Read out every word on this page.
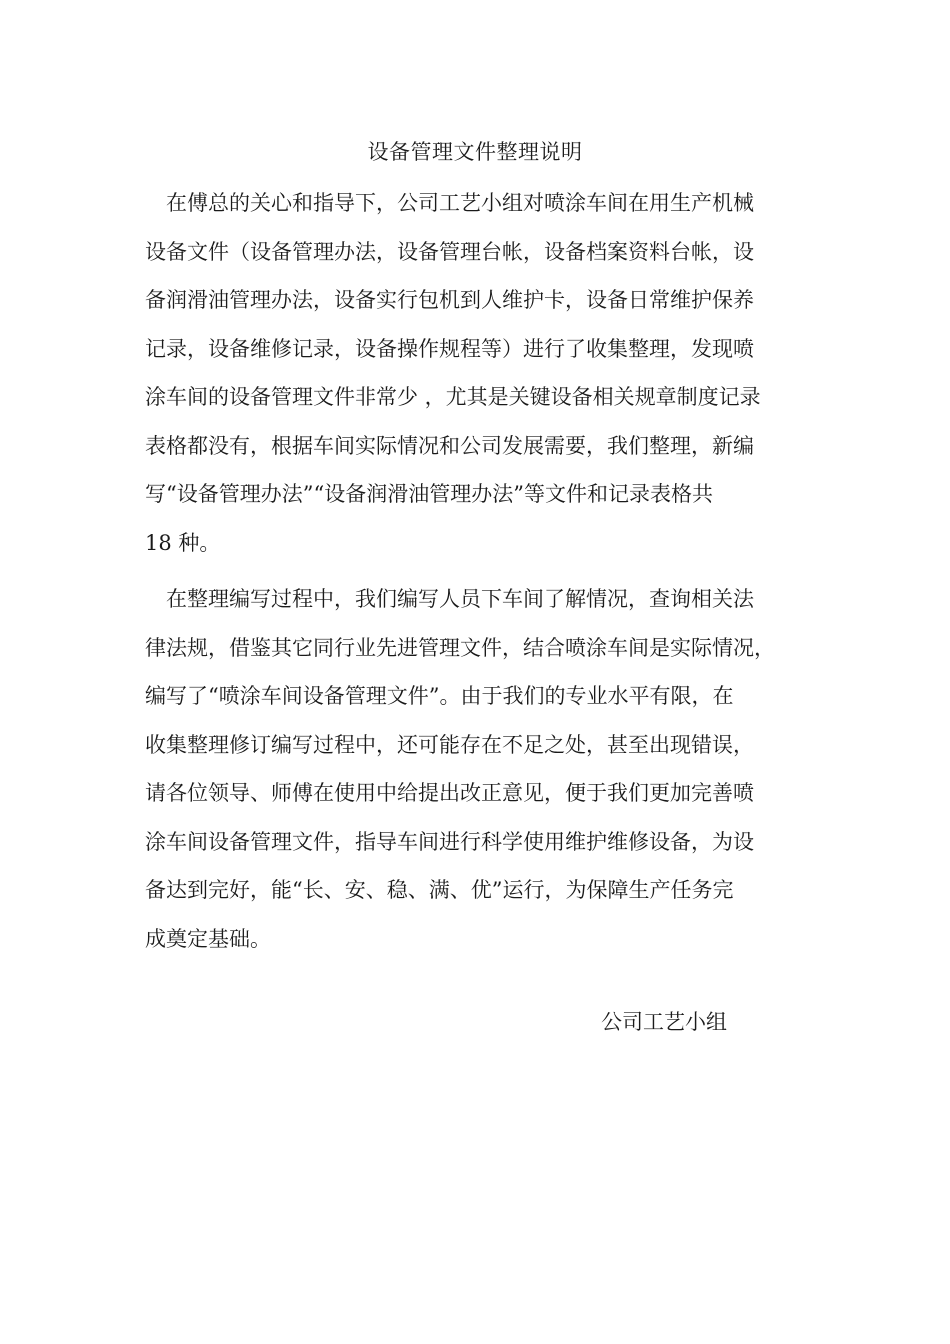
设备管理文件整理说明
在傅总的关心和指导下，公司工艺小组对喷涂车间在用生产机械
设备文件（设备管理办法，设备管理台帐，设备档案资料台帐，设
备润滑油管理办法，设备实行包机到人维护卡，设备日常维护保养
记录，设备维修记录，设备操作规程等）进行了收集整理，发现喷
涂车间的设备管理文件非常少 ，尤其是关键设备相关规章制度记录
表格都没有，根据车间实际情况和公司发展需要，我们整理，新编
写“设备管理办法”“设备润滑油管理办法”等文件和记录表格共
18 种。
在整理编写过程中，我们编写人员下车间了解情况，查询相关法
律法规，借鉴其它同行业先进管理文件，结合喷涂车间是实际情况，
编写了“喷涂车间设备管理文件”。由于我们的专业水平有限，在
收集整理修订编写过程中，还可能存在不足之处，甚至出现错误，
请各位领导、师傅在使用中给提出改正意见，便于我们更加完善喷
涂车间设备管理文件，指导车间进行科学使用维护维修设备，为设
备达到完好，能“长、安、稳、满、优”运行，为保障生产任务完
成奠定基础。
公司工艺小组
